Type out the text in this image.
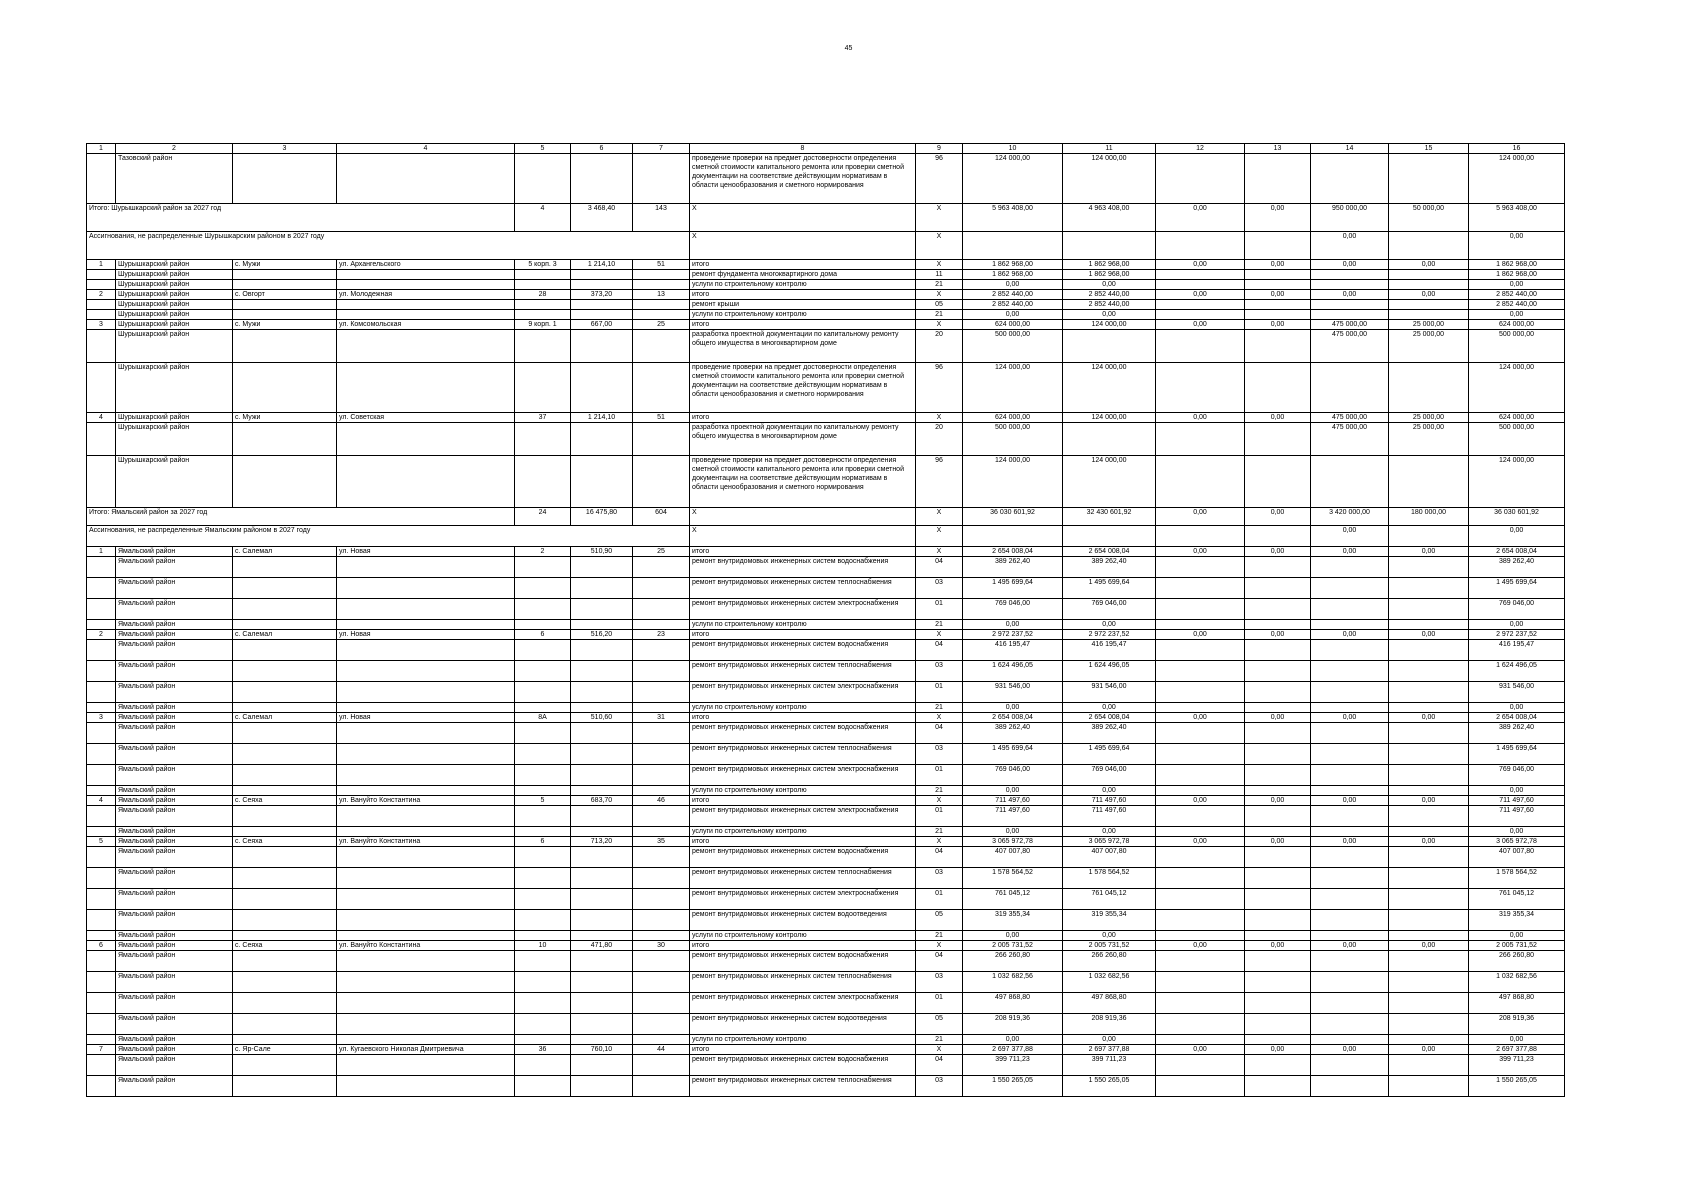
45
1	2	3	4	5	6	7	8	9	10	11	12	13	14	15	16
	Тазовский район						проведение проверки на предмет достоверности определения сметной стоимости капитального ремонта или проверки сметной документации на соответствие действующим нормативам в области ценообразования и сметного нормирования	96	124 000,00	124 000,00					124 000,00
Итого: Шурышкарский район за 2027 год				4	3 468,40	143	Х	Х	5 963 408,00	4 963 408,00	0,00	0,00	950 000,00	50 000,00	5 963 408,00
Ассигнования, не распределенные Шурышкарским районом в 2027 году							Х	Х					0,00		0,00
1	Шурышкарский район	с. Мужи	ул. Архангельского	5 корп. 3	1 214,10	51	итого	Х	1 862 968,00	1 862 968,00	0,00	0,00	0,00	0,00	1 862 968,00
	Шурышкарский район						ремонт фундамента многоквартирного дома	11	1 862 968,00	1 862 968,00					1 862 968,00
	Шурышкарский район						услуги по строительному контролю	21	0,00	0,00					0,00
2	Шурышкарский район	с. Овгорт	ул. Молодежная	28	373,20	13	итого	Х	2 852 440,00	2 852 440,00	0,00	0,00	0,00	0,00	2 852 440,00
	Шурышкарский район						ремонт крыши	05	2 852 440,00	2 852 440,00					2 852 440,00
	Шурышкарский район						услуги по строительному контролю	21	0,00	0,00					0,00
3	Шурышкарский район	с. Мужи	ул. Комсомольская	9 корп. 1	667,00	25	итого	Х	624 000,00	124 000,00	0,00	0,00	475 000,00	25 000,00	624 000,00
	Шурышкарский район						разработка проектной документации по капитальному ремонту общего имущества в многоквартирном доме	20	500 000,00				475 000,00	25 000,00	500 000,00
	Шурышкарский район						проведение проверки на предмет достоверности определения сметной стоимости капитального ремонта или проверки сметной документации на соответствие действующим нормативам в области ценообразования и сметного нормирования	96	124 000,00	124 000,00					124 000,00
4	Шурышкарский район	с. Мужи	ул. Советская	37	1 214,10	51	итого	Х	624 000,00	124 000,00	0,00	0,00	475 000,00	25 000,00	624 000,00
	Шурышкарский район						разработка проектной документации по капитальному ремонту общего имущества в многоквартирном доме	20	500 000,00				475 000,00	25 000,00	500 000,00
	Шурышкарский район						проведение проверки на предмет достоверности определения сметной стоимости капитального ремонта или проверки сметной документации на соответствие действующим нормативам в области ценообразования и сметного нормирования	96	124 000,00	124 000,00					124 000,00
Итого: Ямальский район за 2027 год				24	16 475,80	604	Х	Х	36 030 601,92	32 430 601,92	0,00	0,00	3 420 000,00	180 000,00	36 030 601,92
Ассигнования, не распределенные Ямальским районом в 2027 году							Х	Х					0,00		0,00
1	Ямальский район	с. Салемал	ул. Новая	2	510,90	25	итого	Х	2 654 008,04	2 654 008,04	0,00	0,00	0,00	0,00	2 654 008,04
	Ямальский район						ремонт внутридомовых инженерных систем водоснабжения	04	389 262,40	389 262,40					389 262,40
	Ямальский район						ремонт внутридомовых инженерных систем теплоснабжения	03	1 495 699,64	1 495 699,64					1 495 699,64
	Ямальский район						ремонт внутридомовых инженерных систем электроснабжения	01	769 046,00	769 046,00					769 046,00
	Ямальский район						услуги по строительному контролю	21	0,00	0,00					0,00
2	Ямальский район	с. Салемал	ул. Новая	6	516,20	23	итого	Х	2 972 237,52	2 972 237,52	0,00	0,00	0,00	0,00	2 972 237,52
	Ямальский район						ремонт внутридомовых инженерных систем водоснабжения	04	416 195,47	416 195,47					416 195,47
	Ямальский район						ремонт внутридомовых инженерных систем теплоснабжения	03	1 624 496,05	1 624 496,05					1 624 496,05
	Ямальский район						ремонт внутридомовых инженерных систем электроснабжения	01	931 546,00	931 546,00					931 546,00
	Ямальский район						услуги по строительному контролю	21	0,00	0,00					0,00
3	Ямальский район	с. Салемал	ул. Новая	8А	510,60	31	итого	Х	2 654 008,04	2 654 008,04	0,00	0,00	0,00	0,00	2 654 008,04
	Ямальский район						ремонт внутридомовых инженерных систем водоснабжения	04	389 262,40	389 262,40					389 262,40
	Ямальский район						ремонт внутридомовых инженерных систем теплоснабжения	03	1 495 699,64	1 495 699,64					1 495 699,64
	Ямальский район						ремонт внутридомовых инженерных систем электроснабжения	01	769 046,00	769 046,00					769 046,00
	Ямальский район						услуги по строительному контролю	21	0,00	0,00					0,00
4	Ямальский район	с. Сеяха	ул. Вануйто Константина	5	683,70	46	итого	Х	711 497,60	711 497,60	0,00	0,00	0,00	0,00	711 497,60
	Ямальский район						ремонт внутридомовых инженерных систем электроснабжения	01	711 497,60	711 497,60					711 497,60
	Ямальский район						услуги по строительному контролю	21	0,00	0,00					0,00
5	Ямальский район	с. Сеяха	ул. Вануйто Константина	6	713,20	35	итого	Х	3 065 972,78	3 065 972,78	0,00	0,00	0,00	0,00	3 065 972,78
	Ямальский район						ремонт внутридомовых инженерных систем водоснабжения	04	407 007,80	407 007,80					407 007,80
	Ямальский район						ремонт внутридомовых инженерных систем теплоснабжения	03	1 578 564,52	1 578 564,52					1 578 564,52
	Ямальский район						ремонт внутридомовых инженерных систем электроснабжения	01	761 045,12	761 045,12					761 045,12
	Ямальский район						ремонт внутридомовых инженерных систем водоотведения	05	319 355,34	319 355,34					319 355,34
	Ямальский район						услуги по строительному контролю	21	0,00	0,00					0,00
6	Ямальский район	с. Сеяха	ул. Вануйто Константина	10	471,80	30	итого	Х	2 005 731,52	2 005 731,52	0,00	0,00	0,00	0,00	2 005 731,52
	Ямальский район						ремонт внутридомовых инженерных систем водоснабжения	04	266 260,80	266 260,80					266 260,80
	Ямальский район						ремонт внутридомовых инженерных систем теплоснабжения	03	1 032 682,56	1 032 682,56					1 032 682,56
	Ямальский район						ремонт внутридомовых инженерных систем электроснабжения	01	497 868,80	497 868,80					497 868,80
	Ямальский район						ремонт внутридомовых инженерных систем водоотведения	05	208 919,36	208 919,36					208 919,36
	Ямальский район						услуги по строительному контролю	21	0,00	0,00					0,00
7	Ямальский район	с. Яр-Сале	ул. Кугаевского Николая Дмитриевича	36	760,10	44	итого	Х	2 697 377,88	2 697 377,88	0,00	0,00	0,00	0,00	2 697 377,88
	Ямальский район						ремонт внутридомовых инженерных систем водоснабжения	04	399 711,23	399 711,23					399 711,23
	Ямальский район						ремонт внутридомовых инженерных систем теплоснабжения	03	1 550 265,05	1 550 265,05					1 550 265,05
